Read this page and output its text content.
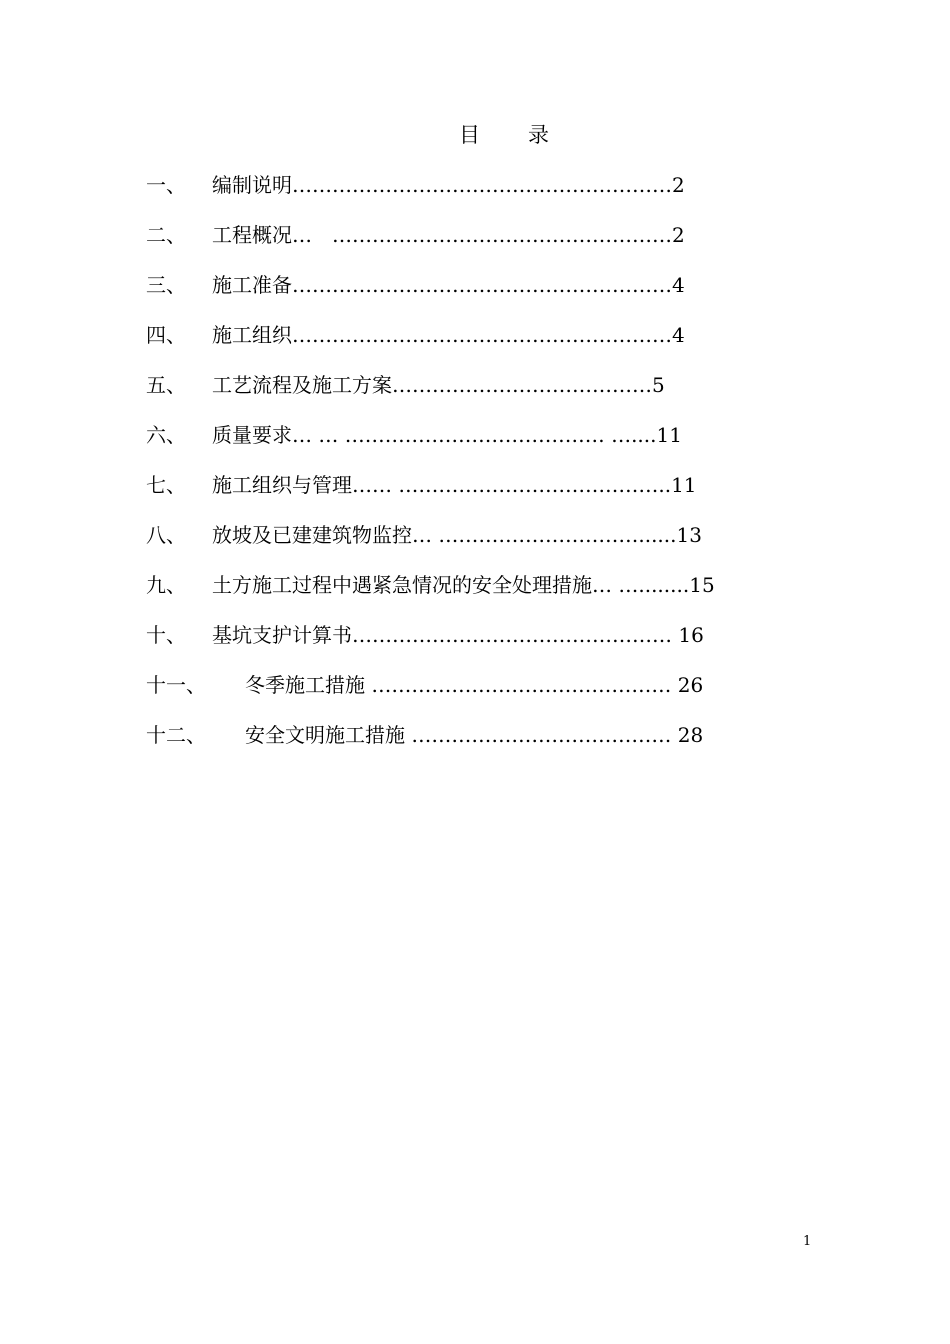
目 录
一、 编制说明…………………………………………………2
二、 工程概况…　……………………………………………2
三、 施工准备…………………………………………………4
四、 施工组织…………………………………………………4
五、 工艺流程及施工方案…………………………………5
六、 质量要求… … ………………………………… …....11
七、 施工组织与管理…… …………………………………..11
八、 放坡及已建建筑物监控… …………………………......13
九、 土方施工过程中遇紧急情况的安全处理措施… …........15
十、 基坑支护计算书………………………………………… 16
十一、 冬季施工措施 ……………………………………… 26
十二、 安全文明施工措施 ………………………………… 28
1
